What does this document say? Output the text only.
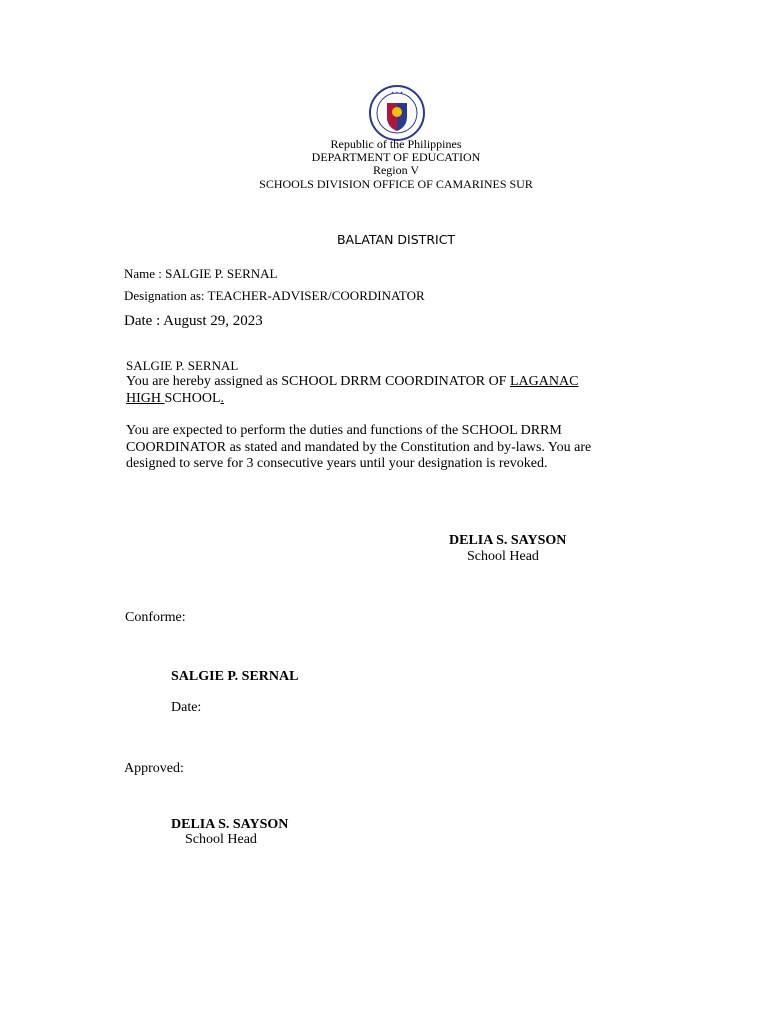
✦ ✦ ✦
Republic of the Philippines
DEPARTMENT OF EDUCATION
Region V
SCHOOLS DIVISION OFFICE OF CAMARINES SUR
BALATAN DISTRICT
Name : SALGIE P. SERNAL
Designation as: TEACHER-ADVISER/COORDINATOR
Date : August 29, 2023
SALGIE P. SERNAL
You are hereby assigned as SCHOOL DRRM COORDINATOR OF LAGANAC
HIGH SCHOOL.
You are expected to perform the duties and functions of the SCHOOL DRRM COORDINATOR as stated and mandated by the Constitution and by-laws. You are designed to serve for 3 consecutive years until your designation is revoked.
DELIA S. SAYSON
School Head
Conforme:
SALGIE P. SERNAL
Date:
Approved:
DELIA S. SAYSON
School Head
